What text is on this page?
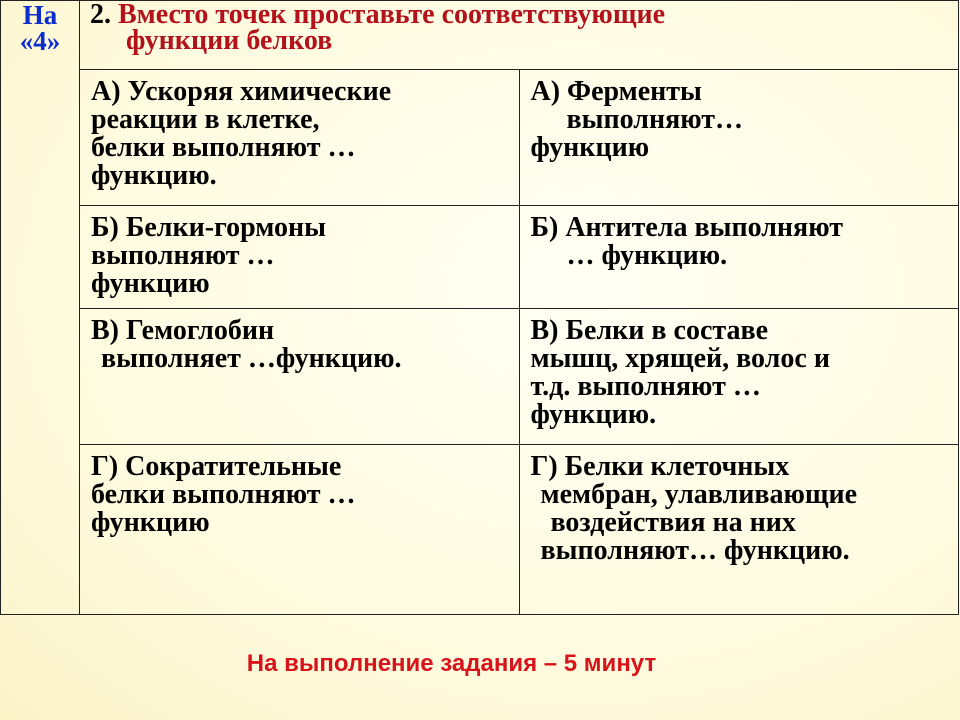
На
«4»	2. Вместо точек проставьте соответствующие
функции белков	

	А) Ускоряя химические
реакции в клетке,
белки выполняют …
функцию.	А) Ферменты
выполняют…
функцию

	Б) Белки-гормоны
выполняют …
функцию	Б) Антитела выполняют
… функцию.

	В) Гемоглобин
выполняет …функцию.	В) Белки в составе
мышц, хрящей, волос и
т.д. выполняют …
функцию.

	Г) Сократительные
белки выполняют …
функцию	Г) Белки клеточных
мембран, улавливающие
воздействия на них
выполняют… функцию.
На выполнение задания – 5 минут
